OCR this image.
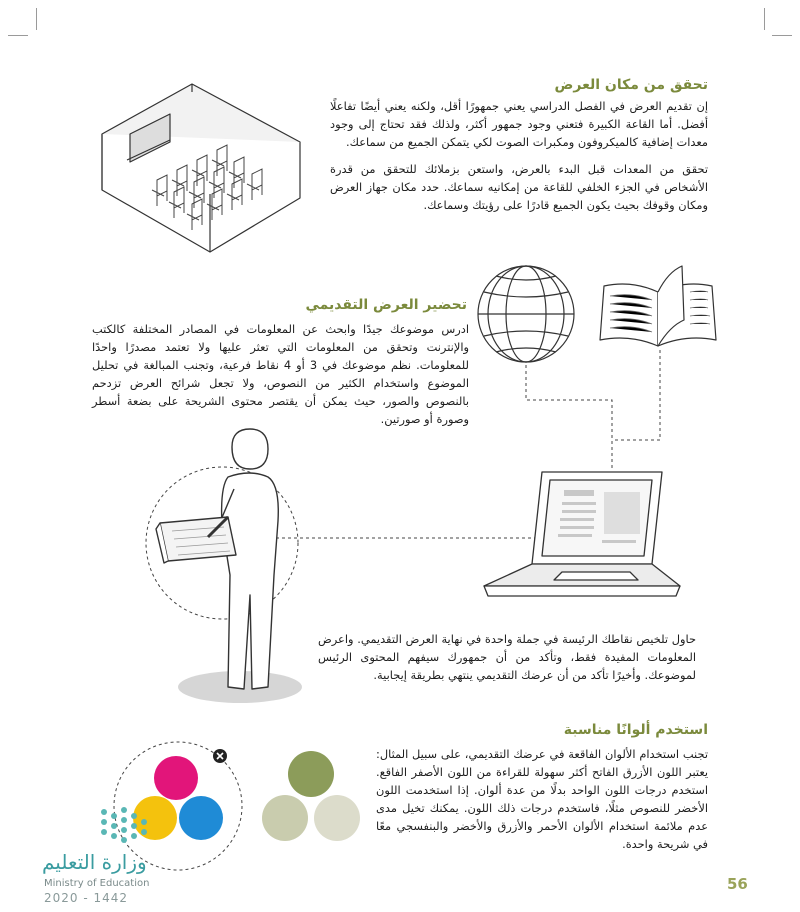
تحقق من مكان العرض

إن تقديم العرض في الفصل الدراسي يعني جمهورًا أقل، ولكنه يعني أيضًا تفاعلًا أفضل. أما القاعة الكبيرة فتعني وجود جمهور أكثر، ولذلك فقد تحتاج إلى وجود معدات إضافية كالميكروفون ومكبرات الصوت لكي يتمكن الجميع من سماعك.

تحقق من المعدات قبل البدء بالعرض، واستعن بزملائك للتحقق من قدرة الأشخاص في الجزء الخلفي للقاعة من إمكانيه سماعك. حدد مكان جهاز العرض ومكان وقوفك بحيث يكون الجميع قادرًا على رؤيتك وسماعك.

تحضير العرض التقديمي

ادرس موضوعك جيدًا وابحث عن المعلومات في المصادر المختلفة كالكتب والإنترنت وتحقق من المعلومات التي تعثر عليها ولا تعتمد مصدرًا واحدًا للمعلومات. نظم موضوعك في 3 أو 4 نقاط فرعية، وتجنب المبالغة في تحليل الموضوع واستخدام الكثير من النصوص، ولا تجعل شرائح العرض تزدحم بالنصوص والصور، حيث يمكن أن يقتصر محتوى الشريحة على بضعة أسطر وصورة أو صورتين.

حاول تلخيص نقاطك الرئيسة في جملة واحدة في نهاية العرض التقديمي. واعرض المعلومات المفيدة فقط، وتأكد من أن جمهورك سيفهم المحتوى الرئيس لموضوعك. وأخيرًا تأكد من أن عرضك التقديمي ينتهي بطريقة إيجابية.

استخدم ألوانًا مناسبة

تجنب استخدام الألوان الفاقعة في عرضك التقديمي، على سبيل المثال: يعتبر اللون الأزرق الفاتح أكثر سهولة للقراءة من اللون الأصفر الفاقع. استخدم درجات اللون الواحد بدلًا من عدة ألوان. إذا استخدمت اللون الأخضر للنصوص مثلًا، فاستخدم درجات ذلك اللون. يمكنك تخيل مدى عدم ملائمة استخدام الألوان الأحمر والأزرق والأخضر والبنفسجي معًا في شريحة واحدة.

وزارة التعليم
Ministry of Education
2020 - 1442
56
